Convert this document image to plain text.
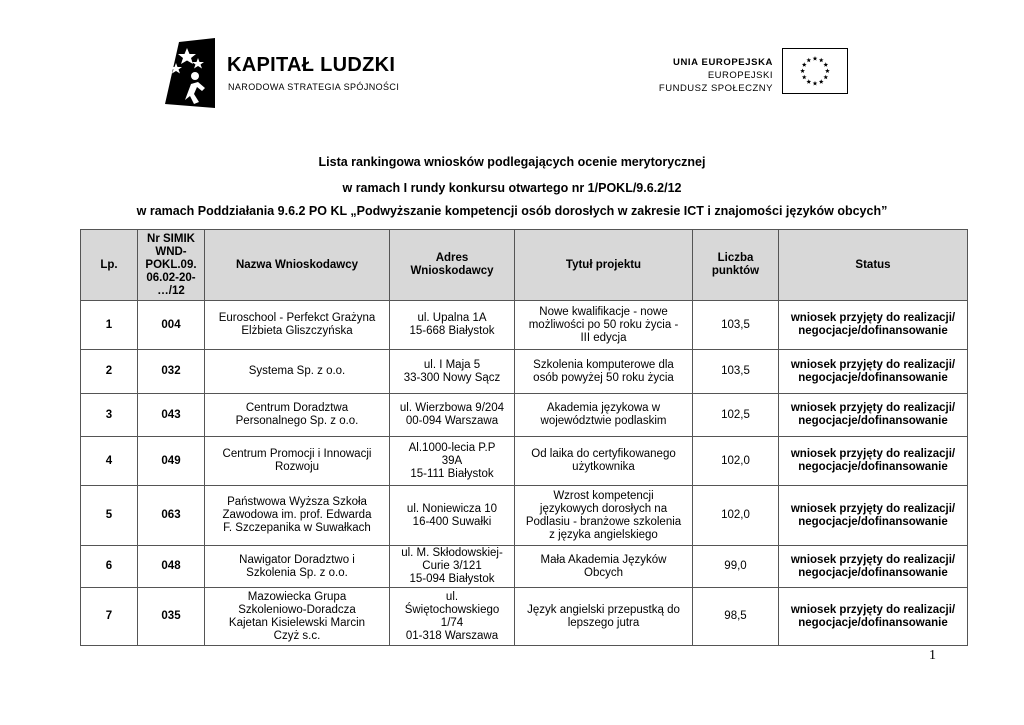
KAPITAŁ LUDZKI
NARODOWA STRATEGIA SPÓJNOŚCI
UNIA EUROPEJSKA
EUROPEJSKI
FUNDUSZ SPOŁECZNY
Lista rankingowa wniosków podlegających ocenie merytorycznej
w ramach I rundy konkursu otwartego nr 1/POKL/9.6.2/12
w ramach Poddziałania 9.6.2 PO KL „Podwyższanie kompetencji osób dorosłych w zakresie ICT i znajomości języków obcych”
Lp.	Nr SIMIK
WND-
POKL.09.
06.02-20-
…/12	Nazwa Wnioskodawcy	Adres
Wnioskodawcy	Tytuł projektu	Liczba
punktów	Status
1	004	Euroschool - Perfekct Grażyna
Elżbieta Gliszczyńska	ul. Upalna 1A
15-668 Białystok	Nowe kwalifikacje - nowe
możliwości po 50 roku życia -
III edycja	103,5	wniosek przyjęty do realizacji/
negocjacje/dofinansowanie
2	032	Systema Sp. z o.o.	ul. I Maja 5
33-300 Nowy Sącz	Szkolenia komputerowe dla
osób powyżej 50 roku życia	103,5	wniosek przyjęty do realizacji/
negocjacje/dofinansowanie
3	043	Centrum Doradztwa
Personalnego Sp. z o.o.	ul. Wierzbowa 9/204
00-094 Warszawa	Akademia językowa w
województwie podlaskim	102,5	wniosek przyjęty do realizacji/
negocjacje/dofinansowanie
4	049	Centrum Promocji i Innowacji
Rozwoju	Al.1000-lecia P.P
39A
15-111 Białystok	Od laika do certyfikowanego
użytkownika	102,0	wniosek przyjęty do realizacji/
negocjacje/dofinansowanie
5	063	Państwowa Wyższa Szkoła
Zawodowa im. prof. Edwarda
F. Szczepanika w Suwałkach	ul. Noniewicza 10
16-400 Suwałki	Wzrost kompetencji
językowych dorosłych na
Podlasiu - branżowe szkolenia
z języka angielskiego	102,0	wniosek przyjęty do realizacji/
negocjacje/dofinansowanie
6	048	Nawigator Doradztwo i
Szkolenia Sp. z o.o.	ul. M. Skłodowskiej-
Curie 3/121
15-094 Białystok	Mała Akademia Języków
Obcych	99,0	wniosek przyjęty do realizacji/
negocjacje/dofinansowanie
7	035	Mazowiecka Grupa
Szkoleniowo-Doradcza
Kajetan Kisielewski Marcin
Czyż s.c.	ul.
Świętochowskiego
1/74
01-318 Warszawa	Język angielski przepustką do
lepszego jutra	98,5	wniosek przyjęty do realizacji/
negocjacje/dofinansowanie
1
